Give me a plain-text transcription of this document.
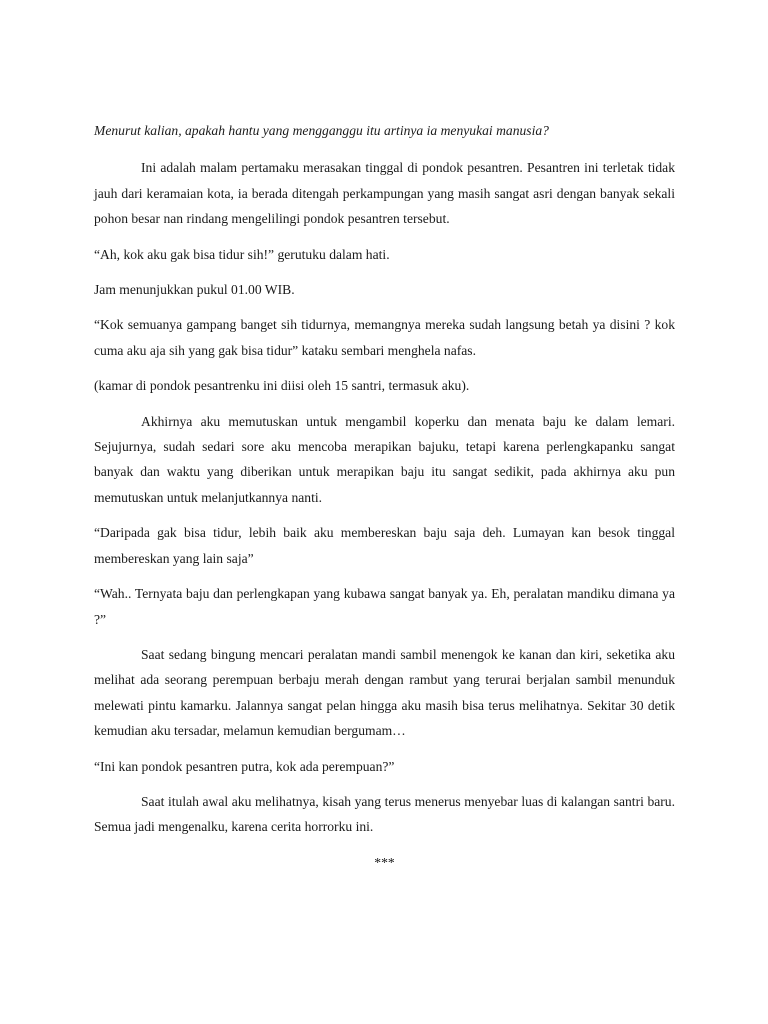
Menurut kalian, apakah hantu yang mengganggu itu artinya ia menyukai manusia?

Ini adalah malam pertamaku merasakan tinggal di pondok pesantren. Pesantren ini terletak tidak jauh dari keramaian kota, ia berada ditengah perkampungan yang masih sangat asri dengan banyak sekali pohon besar nan rindang mengelilingi pondok pesantren tersebut.

“Ah, kok aku gak bisa tidur sih!” gerutuku dalam hati.

Jam menunjukkan pukul 01.00 WIB.

“Kok semuanya gampang banget sih tidurnya, memangnya mereka sudah langsung betah ya disini ? kok cuma aku aja sih yang gak bisa tidur” kataku sembari menghela nafas.

(kamar di pondok pesantrenku ini diisi oleh 15 santri, termasuk aku).

Akhirnya aku memutuskan untuk mengambil koperku dan menata baju ke dalam lemari. Sejujurnya, sudah sedari sore aku mencoba merapikan bajuku, tetapi karena perlengkapanku sangat banyak dan waktu yang diberikan untuk merapikan baju itu sangat sedikit, pada akhirnya aku pun memutuskan untuk melanjutkannya nanti.

“Daripada gak bisa tidur, lebih baik aku membereskan baju saja deh. Lumayan kan besok tinggal membereskan yang lain saja”

“Wah.. Ternyata baju dan perlengkapan yang kubawa sangat banyak ya. Eh, peralatan mandiku dimana ya ?”

Saat sedang bingung mencari peralatan mandi sambil menengok ke kanan dan kiri, seketika aku melihat ada seorang perempuan berbaju merah dengan rambut yang terurai berjalan sambil menunduk melewati pintu kamarku. Jalannya sangat pelan hingga aku masih bisa terus melihatnya. Sekitar 30 detik kemudian aku tersadar, melamun kemudian bergumam…

“Ini kan pondok pesantren putra, kok ada perempuan?”

Saat itulah awal aku melihatnya, kisah yang terus menerus menyebar luas di kalangan santri baru. Semua jadi mengenalku, karena cerita horrorku ini.

***
